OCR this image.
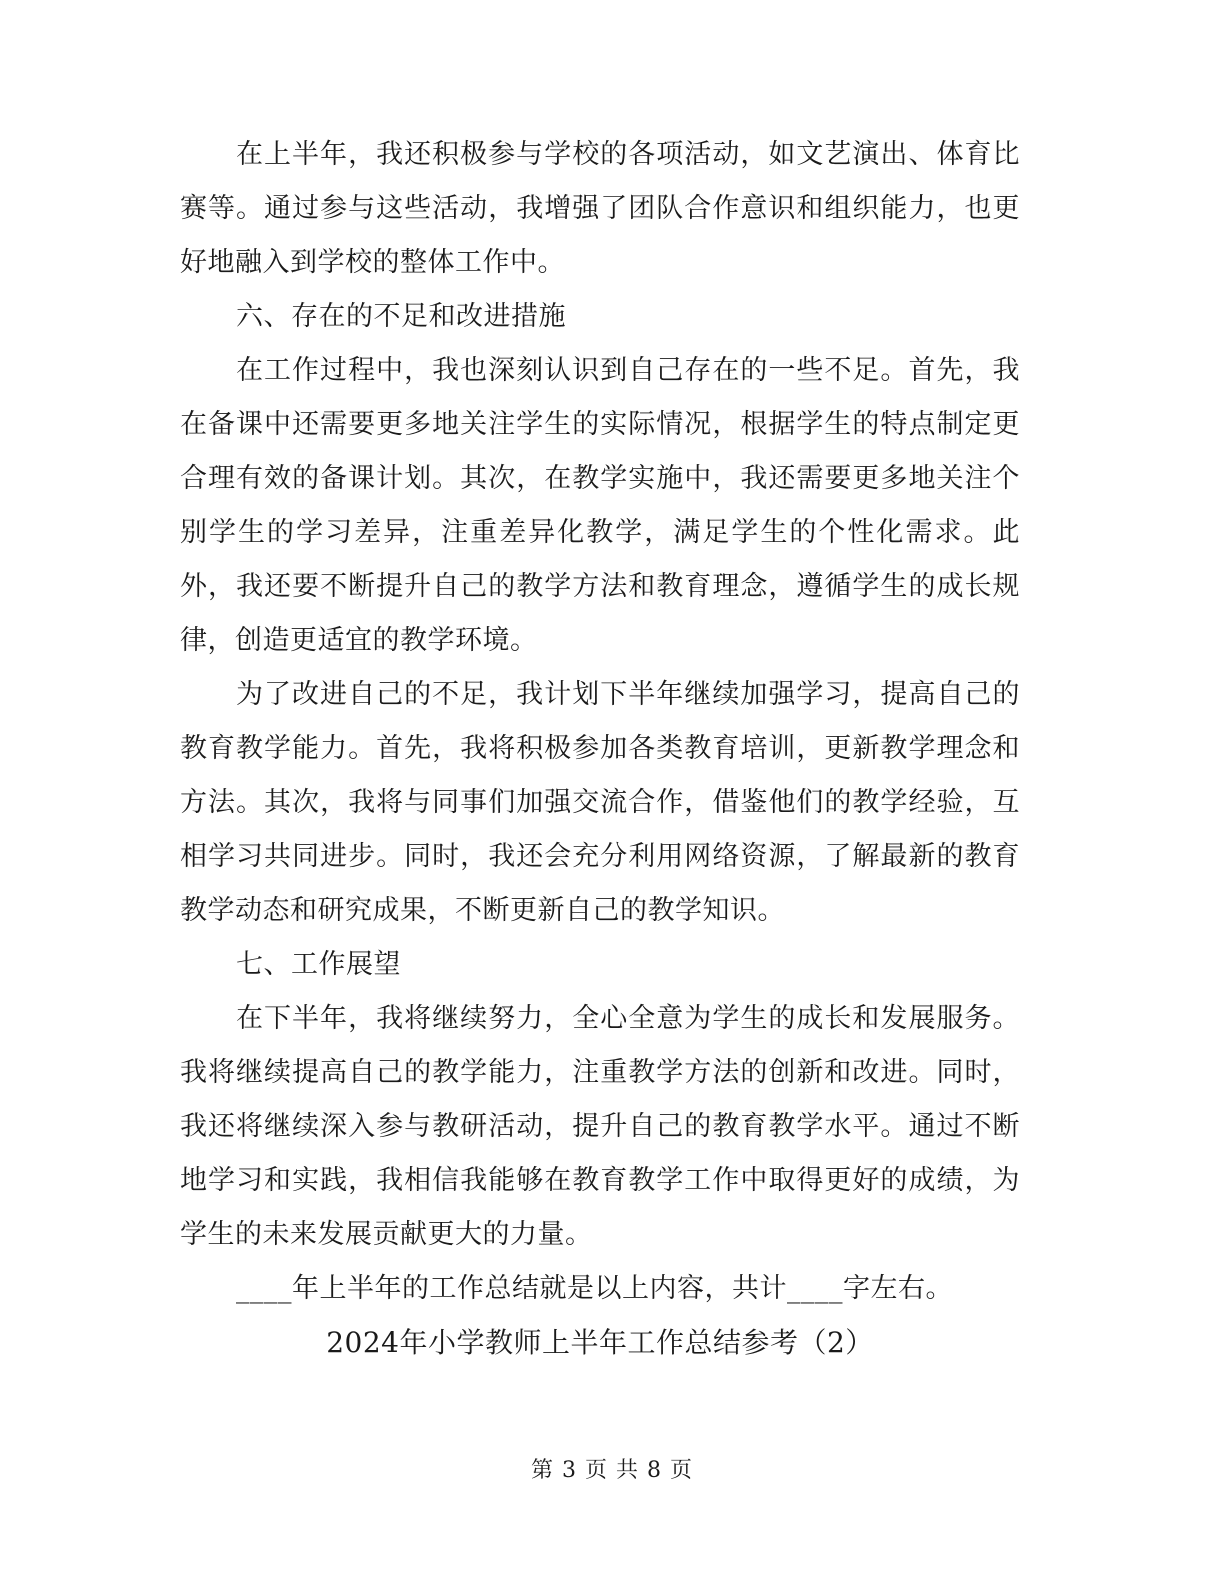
在上半年，我还积极参与学校的各项活动，如文艺演出、体育比赛等。通过参与这些活动，我增强了团队合作意识和组织能力，也更好地融入到学校的整体工作中。

六、存在的不足和改进措施

在工作过程中，我也深刻认识到自己存在的一些不足。首先，我在备课中还需要更多地关注学生的实际情况，根据学生的特点制定更合理有效的备课计划。其次，在教学实施中，我还需要更多地关注个别学生的学习差异，注重差异化教学，满足学生的个性化需求。此外，我还要不断提升自己的教学方法和教育理念，遵循学生的成长规律，创造更适宜的教学环境。

为了改进自己的不足，我计划下半年继续加强学习，提高自己的教育教学能力。首先，我将积极参加各类教育培训，更新教学理念和方法。其次，我将与同事们加强交流合作，借鉴他们的教学经验，互相学习共同进步。同时，我还会充分利用网络资源，了解最新的教育教学动态和研究成果，不断更新自己的教学知识。

七、工作展望

在下半年，我将继续努力，全心全意为学生的成长和发展服务。我将继续提高自己的教学能力，注重教学方法的创新和改进。同时，我还将继续深入参与教研活动，提升自己的教育教学水平。通过不断地学习和实践，我相信我能够在教育教学工作中取得更好的成绩，为学生的未来发展贡献更大的力量。

____年上半年的工作总结就是以上内容，共计____字左右。

2024年小学教师上半年工作总结参考（2）

第 3 页 共 8 页
